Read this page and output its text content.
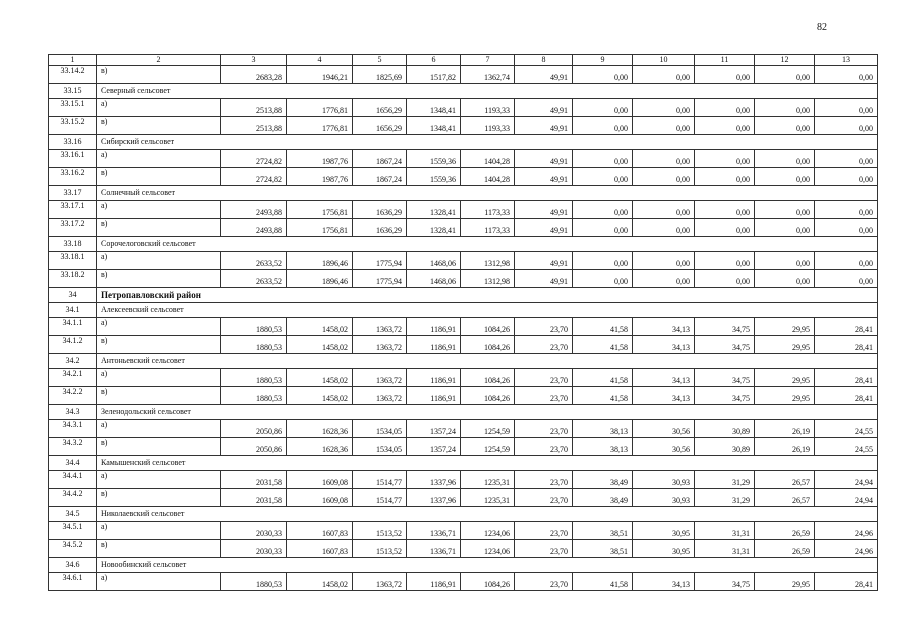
82
1	2	3	4	5	6	7	8	9	10	11	12	13
33.14.2	в)	2683,28	1946,21	1825,69	1517,82	1362,74	49,91	0,00	0,00	0,00	0,00	0,00
33.15	Северный сельсовет											
33.15.1	а)	2513,88	1776,81	1656,29	1348,41	1193,33	49,91	0,00	0,00	0,00	0,00	0,00
33.15.2	в)	2513,88	1776,81	1656,29	1348,41	1193,33	49,91	0,00	0,00	0,00	0,00	0,00
33.16	Сибирский сельсовет											
33.16.1	а)	2724,82	1987,76	1867,24	1559,36	1404,28	49,91	0,00	0,00	0,00	0,00	0,00
33.16.2	в)	2724,82	1987,76	1867,24	1559,36	1404,28	49,91	0,00	0,00	0,00	0,00	0,00
33.17	Солнечный сельсовет											
33.17.1	а)	2493,88	1756,81	1636,29	1328,41	1173,33	49,91	0,00	0,00	0,00	0,00	0,00
33.17.2	в)	2493,88	1756,81	1636,29	1328,41	1173,33	49,91	0,00	0,00	0,00	0,00	0,00
33.18	Сорочелоговский сельсовет											
33.18.1	а)	2633,52	1896,46	1775,94	1468,06	1312,98	49,91	0,00	0,00	0,00	0,00	0,00
33.18.2	в)	2633,52	1896,46	1775,94	1468,06	1312,98	49,91	0,00	0,00	0,00	0,00	0,00
34	Петропавловский район											
34.1	Алексеевский сельсовет											
34.1.1	а)	1880,53	1458,02	1363,72	1186,91	1084,26	23,70	41,58	34,13	34,75	29,95	28,41
34.1.2	в)	1880,53	1458,02	1363,72	1186,91	1084,26	23,70	41,58	34,13	34,75	29,95	28,41
34.2	Антоньевский сельсовет											
34.2.1	а)	1880,53	1458,02	1363,72	1186,91	1084,26	23,70	41,58	34,13	34,75	29,95	28,41
34.2.2	в)	1880,53	1458,02	1363,72	1186,91	1084,26	23,70	41,58	34,13	34,75	29,95	28,41
34.3	Зеленодольский сельсовет											
34.3.1	а)	2050,86	1628,36	1534,05	1357,24	1254,59	23,70	38,13	30,56	30,89	26,19	24,55
34.3.2	в)	2050,86	1628,36	1534,05	1357,24	1254,59	23,70	38,13	30,56	30,89	26,19	24,55
34.4	Камышенский сельсовет											
34.4.1	а)	2031,58	1609,08	1514,77	1337,96	1235,31	23,70	38,49	30,93	31,29	26,57	24,94
34.4.2	в)	2031,58	1609,08	1514,77	1337,96	1235,31	23,70	38,49	30,93	31,29	26,57	24,94
34.5	Николаевский сельсовет											
34.5.1	а)	2030,33	1607,83	1513,52	1336,71	1234,06	23,70	38,51	30,95	31,31	26,59	24,96
34.5.2	в)	2030,33	1607,83	1513,52	1336,71	1234,06	23,70	38,51	30,95	31,31	26,59	24,96
34.6	Новообинский сельсовет											
34.6.1	а)	1880,53	1458,02	1363,72	1186,91	1084,26	23,70	41,58	34,13	34,75	29,95	28,41
